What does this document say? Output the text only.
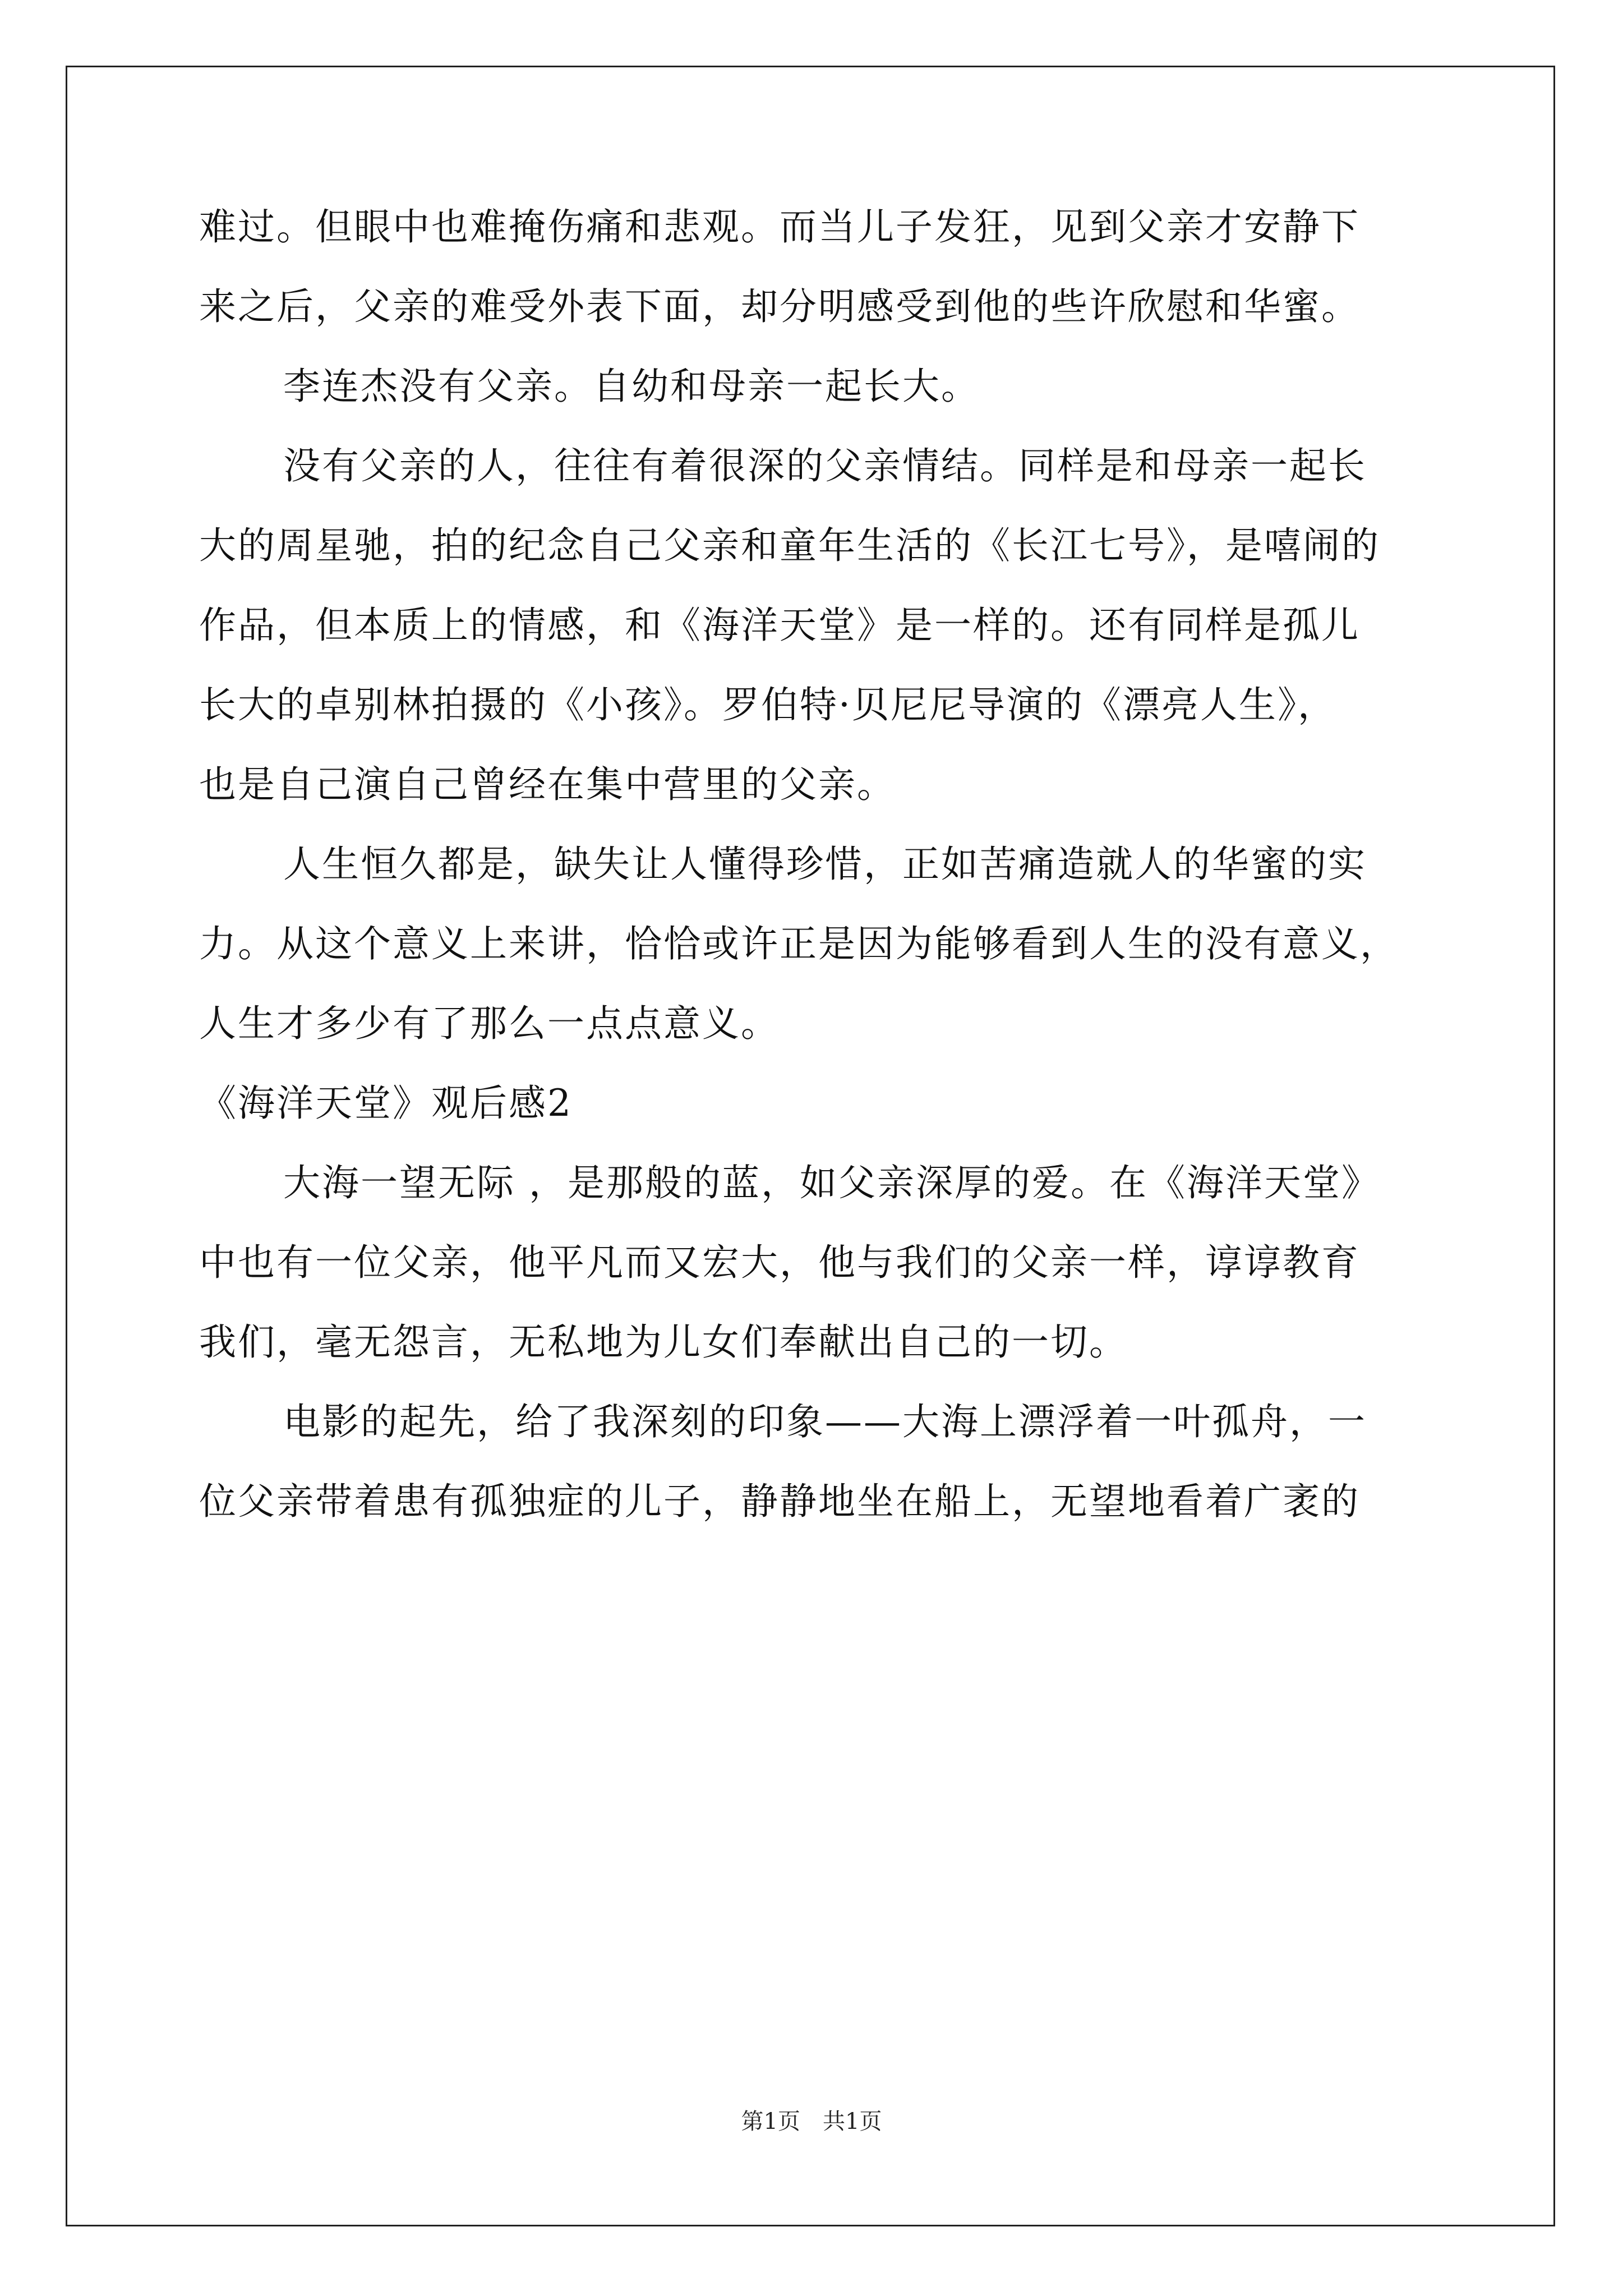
难过。但眼中也难掩伤痛和悲观。而当儿子发狂，见到父亲才安静下
来之后，父亲的难受外表下面，却分明感受到他的些许欣慰和华蜜。
李连杰没有父亲。自幼和母亲一起长大。
没有父亲的人，往往有着很深的父亲情结。同样是和母亲一起长
大的周星驰，拍的纪念自己父亲和童年生活的《长江七号》，是嘻闹的
作品，但本质上的情感，和《海洋天堂》是一样的。还有同样是孤儿
长大的卓别林拍摄的《小孩》。罗伯特·贝尼尼导演的《漂亮人生》，
也是自己演自己曾经在集中营里的父亲。
人生恒久都是，缺失让人懂得珍惜，正如苦痛造就人的华蜜的实
力。从这个意义上来讲，恰恰或许正是因为能够看到人生的没有意义，
人生才多少有了那么一点点意义。
《海洋天堂》观后感2
大海一望无际 ，是那般的蓝，如父亲深厚的爱。在《海洋天堂》
中也有一位父亲，他平凡而又宏大，他与我们的父亲一样，谆谆教育
我们，毫无怨言，无私地为儿女们奉献出自己的一切。
电影的起先，给了我深刻的印象——大海上漂浮着一叶孤舟，一
位父亲带着患有孤独症的儿子，静静地坐在船上，无望地看着广袤的
第1页 共1页
